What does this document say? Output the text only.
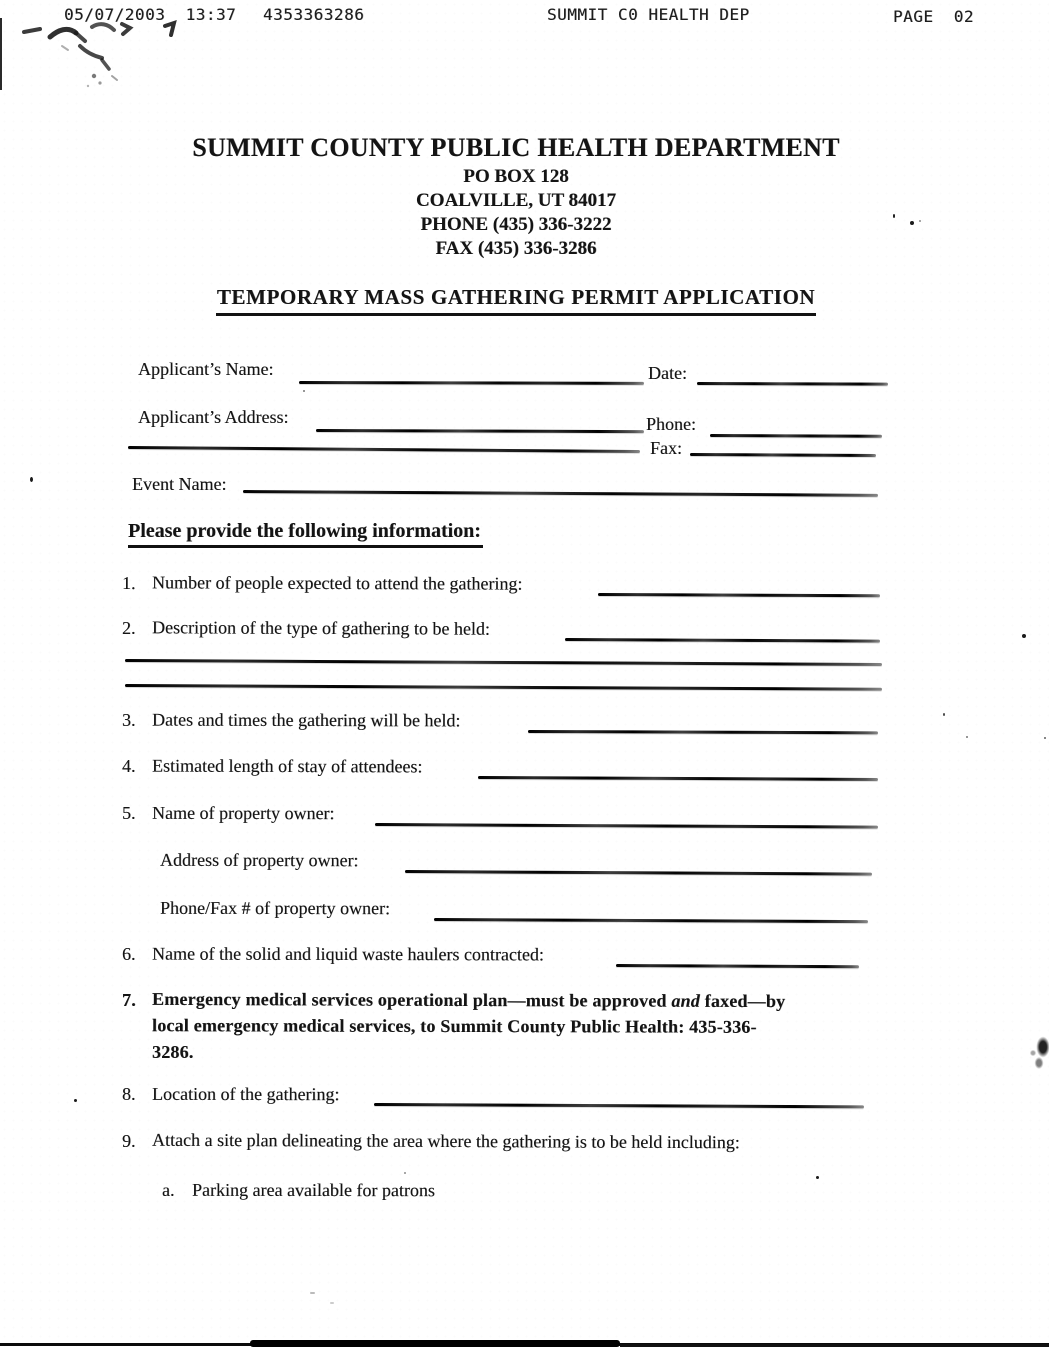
05/07/2003  13:37 4353363286	SUMMIT C0 HEALTH DEP	PAGE  02
SUMMIT COUNTY PUBLIC HEALTH DEPARTMENT
PO BOX 128
COALVILLE, UT 84017
PHONE (435) 336-3222
FAX (435) 336-3286
TEMPORARY MASS GATHERING PERMIT APPLICATION
Applicant’s Name:	Date:
Applicant’s Address:	Phone:
Fax:
Event Name:
Please provide the following information:
1. Number of people expected to attend the gathering:
2. Description of the type of gathering to be held:
3. Dates and times the gathering will be held:
4. Estimated length of stay of attendees:
5. Name of property owner:
Address of property owner:
Phone/Fax # of property owner:
6. Name of the solid and liquid waste haulers contracted:
7. Emergency medical services operational plan—must be approved and faxed—by
local emergency medical services, to Summit County Public Health: 435-336-
3286.
8. Location of the gathering:
9. Attach a site plan delineating the area where the gathering is to be held including:
a. Parking area available for patrons
